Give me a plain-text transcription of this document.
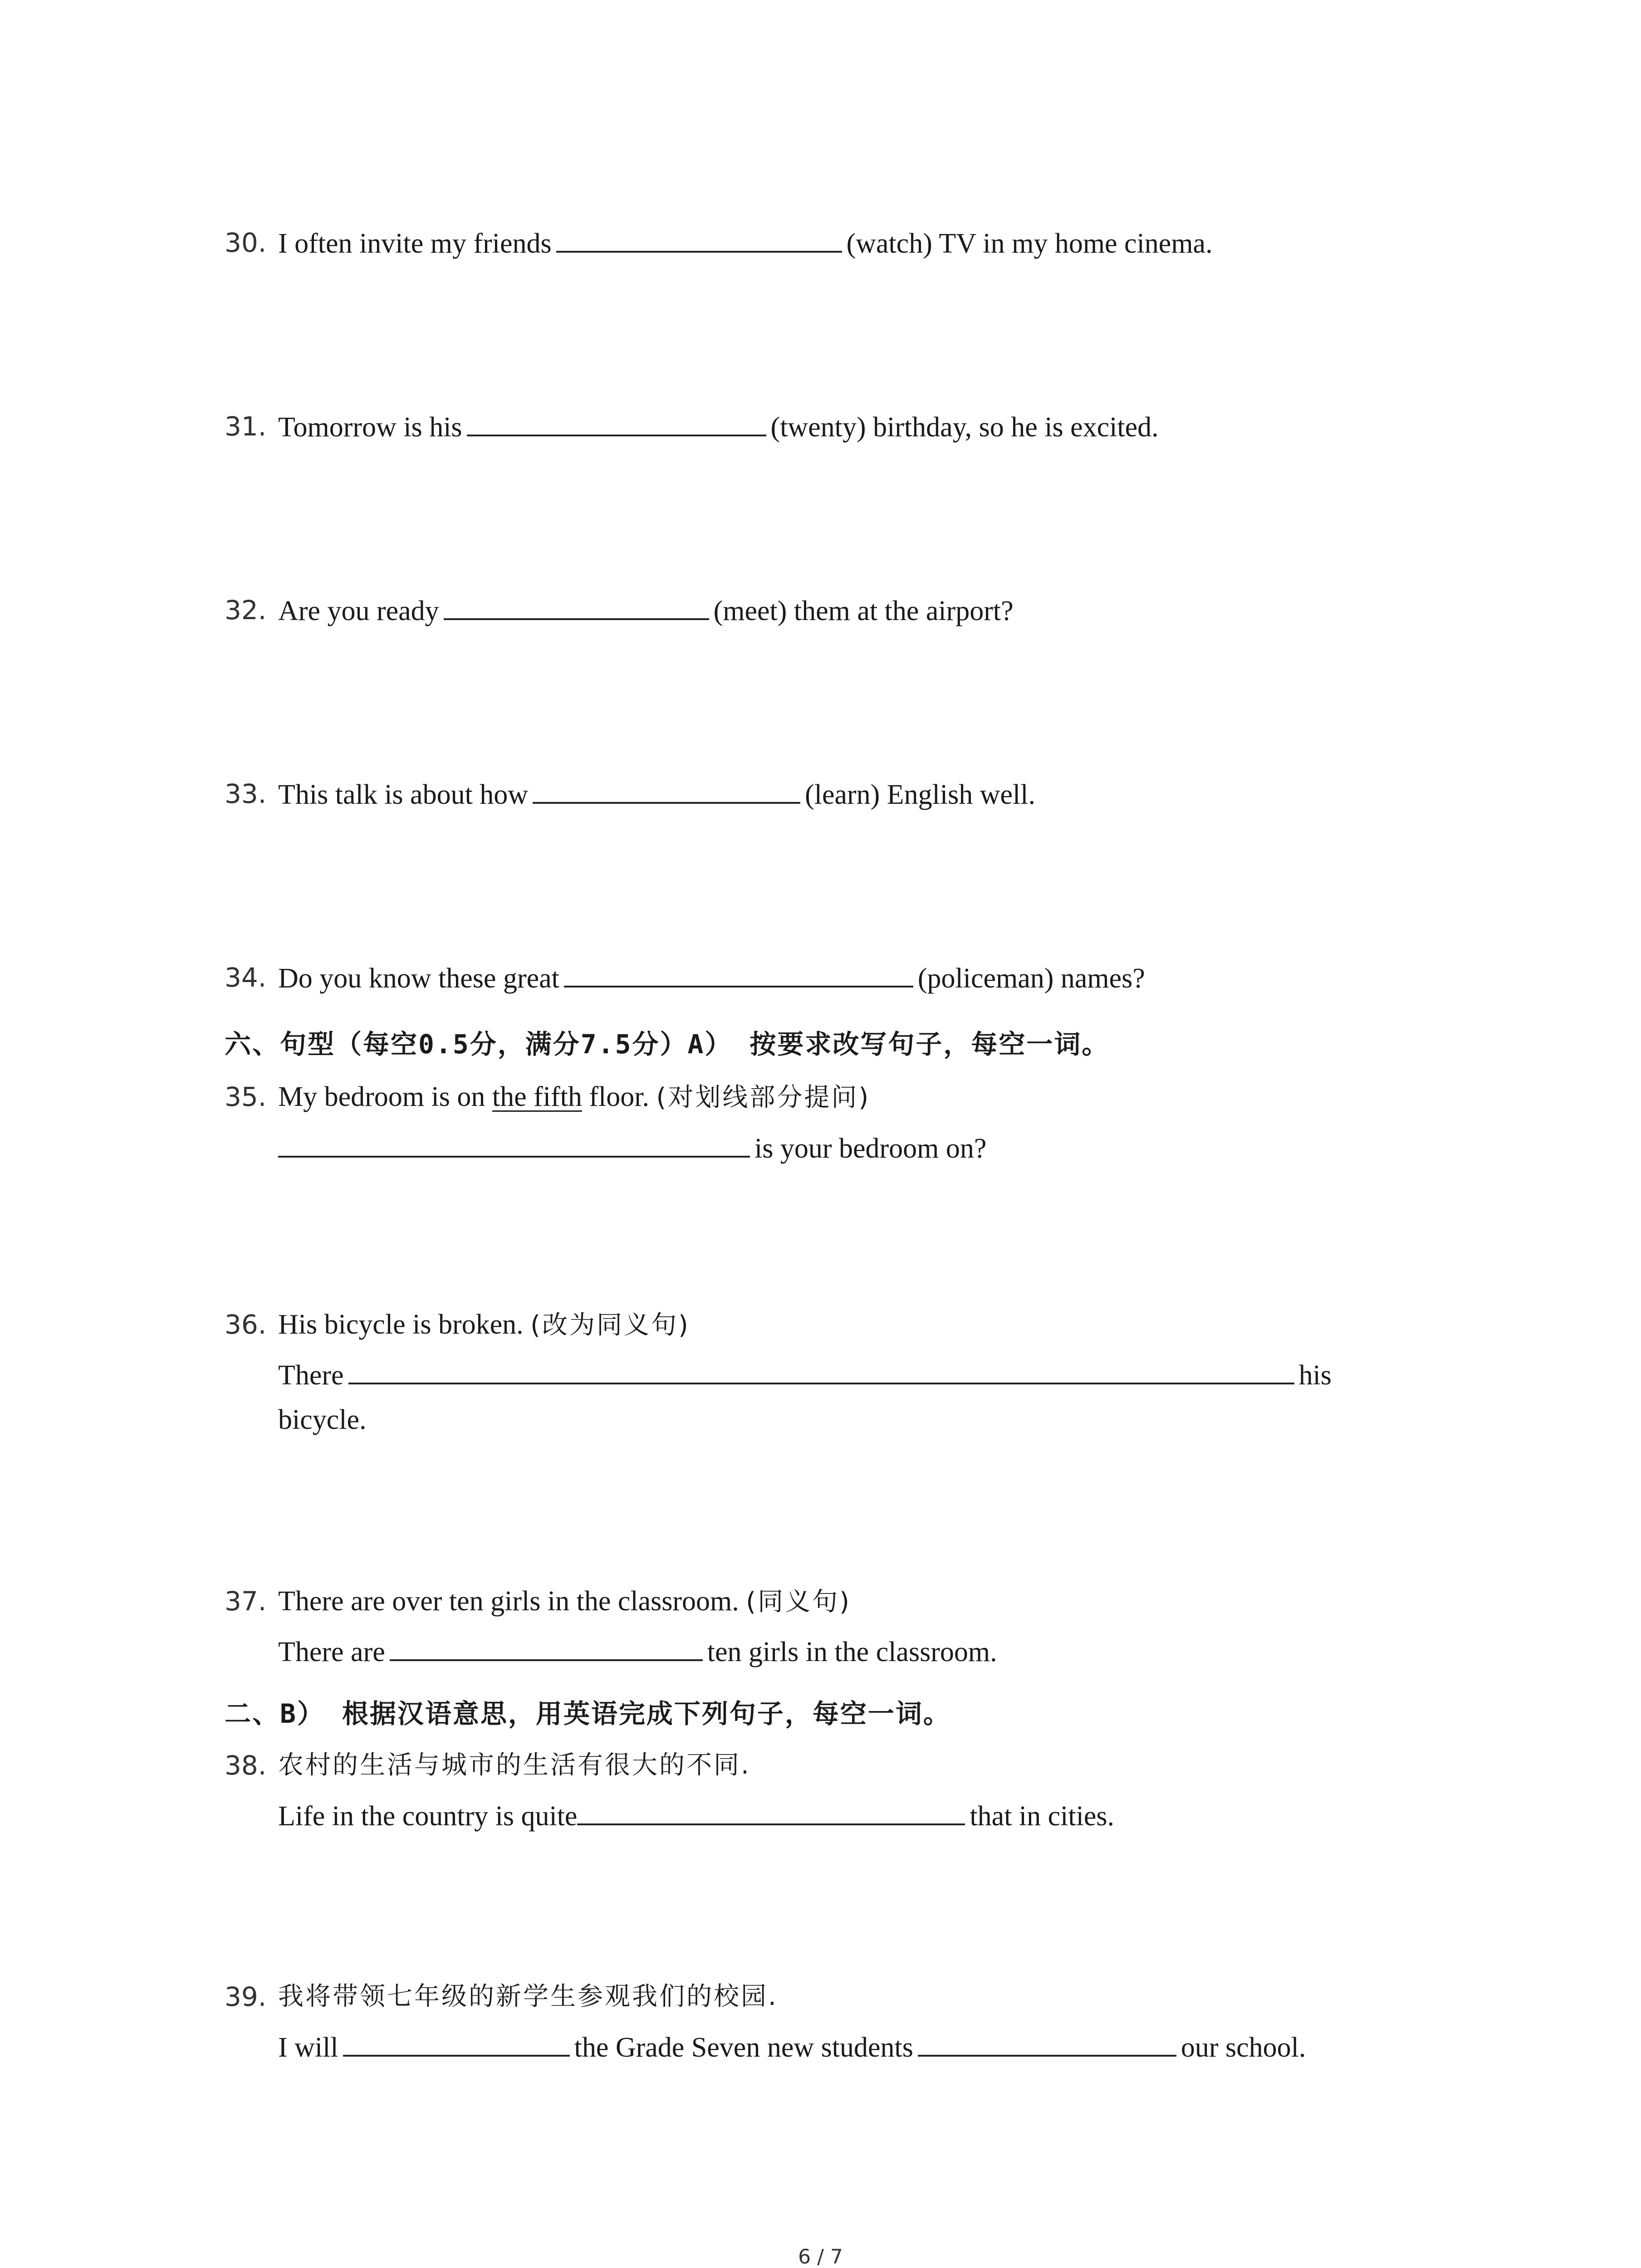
30. I often invite my friends	(watch) TV in my home cinema.
31. Tomorrow is his	(twenty) birthday, so he is excited.
32. Are you ready	(meet) them at the airport?
33. This talk is about how	(learn) English well.
34. Do you know these great	(policeman) names?
六、句型（每空0.5分，满分7.5分）A） 按要求改写句子，每空一词。
35. My bedroom is on the fifth floor. (对划线部分提问)
is your bedroom on?
36. His bicycle is broken. (改为同义句)
There	his
bicycle.
37. There are over ten girls in the classroom. (同义句)
There are	ten girls in the classroom.
二、B） 根据汉语意思，用英语完成下列句子，每空一词。
38. 农村的生活与城市的生活有很大的不同.
Life in the country is quite	that in cities.
39. 我将带领七年级的新学生参观我们的校园.
I will	the Grade Seven new students	our school.
6 / 7
